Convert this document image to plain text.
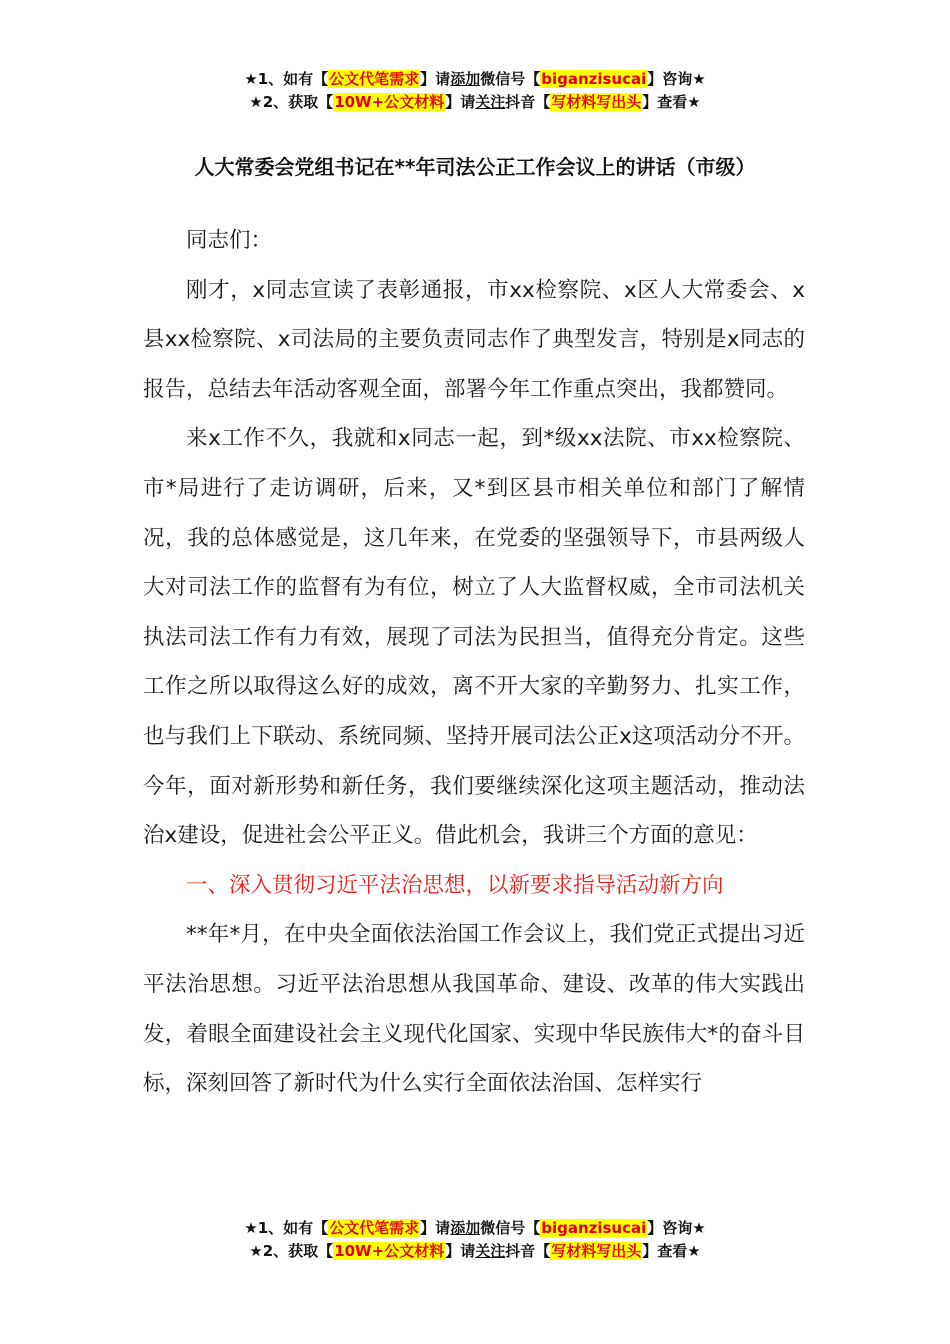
★1、如有【公文代笔需求】请添加微信号【biganzisucai】咨询★
★2、获取【10W+公文材料】请关注抖音【写材料写出头】查看★
人大常委会党组书记在**年司法公正工作会议上的讲话（市级）

同志们：

刚才，x同志宣读了表彰通报，市xx检察院、x区人大常委会、x县xx检察院、x司法局的主要负责同志作了典型发言，特别是x同志的报告，总结去年活动客观全面，部署今年工作重点突出，我都赞同。

来x工作不久，我就和x同志一起，到*级xx法院、市xx检察院、市*局进行了走访调研，后来，又*到区县市相关单位和部门了解情况，我的总体感觉是，这几年来，在党委的坚强领导下，市县两级人大对司法工作的监督有为有位，树立了人大监督权威，全市司法机关执法司法工作有力有效，展现了司法为民担当，值得充分肯定。这些工作之所以取得这么好的成效，离不开大家的辛勤努力、扎实工作，也与我们上下联动、系统同频、坚持开展司法公正x这项活动分不开。今年，面对新形势和新任务，我们要继续深化这项主题活动，推动法治x建设，促进社会公平正义。借此机会，我讲三个方面的意见：

一、深入贯彻习近平法治思想，以新要求指导活动新方向

**年*月，在中央全面依法治国工作会议上，我们党正式提出习近平法治思想。习近平法治思想从我国革命、建设、改革的伟大实践出发，着眼全面建设社会主义现代化国家、实现中华民族伟大*的奋斗目标，深刻回答了新时代为什么实行全面依法治国、怎样实行

★1、如有【公文代笔需求】请添加微信号【biganzisucai】咨询★
★2、获取【10W+公文材料】请关注抖音【写材料写出头】查看★
